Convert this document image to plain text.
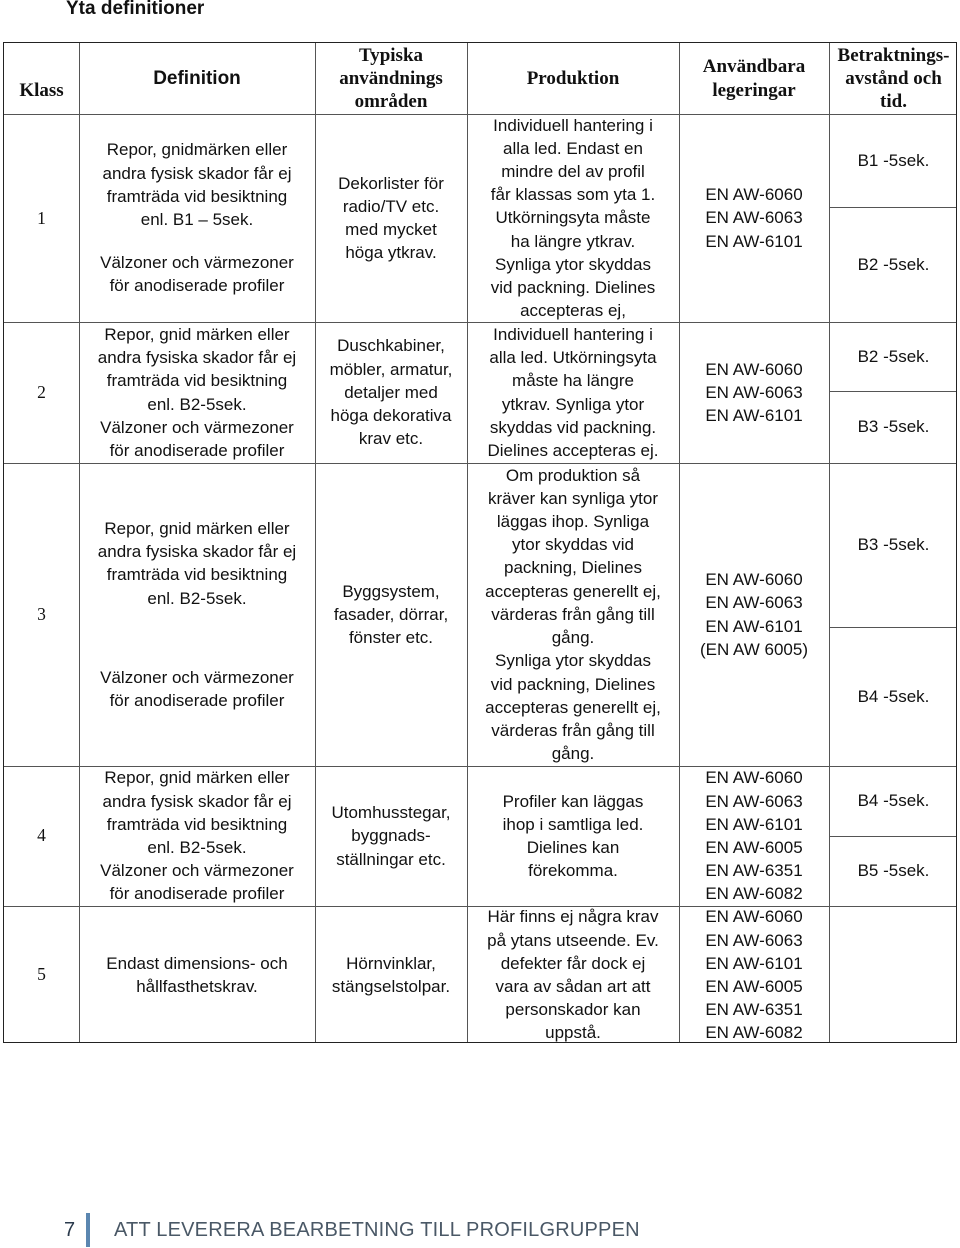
Yta definitioner
Klass
Definition
Typiska
användnings
områden
Produktion
Användbara
legeringar
Betraktnings-
avstånd och
tid.
1
2
3
4
5
Repor, gnidmärken eller
andra fysisk skador får ej
framträda vid besiktning
enl. B1 – 5sek.
Välzoner och värmezoner
för anodiserade profiler
Repor, gnid märken eller
andra fysiska skador får ej
framträda vid besiktning
enl. B2-5sek.
Välzoner och värmezoner
för anodiserade profiler
Repor, gnid märken eller
andra fysiska skador får ej
framträda vid besiktning
enl. B2-5sek.
Välzoner och värmezoner
för anodiserade profiler
Repor, gnid märken eller
andra fysisk skador får ej
framträda vid besiktning
enl. B2-5sek.
Välzoner och värmezoner
för anodiserade profiler
Endast dimensions- och
hållfasthetskrav.
Dekorlister för
radio/TV etc.
med mycket
höga ytkrav.
Duschkabiner,
möbler, armatur,
detaljer med
höga dekorativa
krav etc.
Byggsystem,
fasader, dörrar,
fönster etc.
Utomhusstegar,
byggnads-
ställningar etc.
Hörnvinklar,
stängselstolpar.
Individuell hantering i
alla led. Endast en
mindre del av profil
får klassas som yta 1.
Utkörningsyta måste
ha längre ytkrav.
Synliga ytor skyddas
vid packning. Dielines
accepteras ej,
Individuell hantering i
alla led. Utkörningsyta
måste ha längre
ytkrav. Synliga ytor
skyddas vid packning.
Dielines accepteras ej.
Om produktion så
kräver kan synliga ytor
läggas ihop. Synliga
ytor skyddas vid
packning, Dielines
accepteras generellt ej,
värderas från gång till
gång.
Synliga ytor skyddas
vid packning, Dielines
accepteras generellt ej,
värderas från gång till
gång.
Profiler kan läggas ihop i samtliga led.
Dielines kan förekomma.
Här finns ej några krav
på ytans utseende. Ev.
defekter får dock ej
vara av sådan art att
personskador kan
uppstå.
EN AW-6060
EN AW-6063
EN AW-6101
EN AW-6060
EN AW-6063
EN AW-6101
EN AW-6060
EN AW-6063
EN AW-6101
(EN AW 6005)
EN AW-6060
EN AW-6063
EN AW-6101
EN AW-6005
EN AW-6351
EN AW-6082
EN AW-6060
EN AW-6063
EN AW-6101
EN AW-6005
EN AW-6351
EN AW-6082
B1 -5sek.
B2 -5sek.
B2 -5sek.
B3 -5sek.
B3 -5sek.
B4 -5sek.
B4 -5sek.
B5 -5sek.
7	ATT LEVERERA BEARBETNING TILL PROFILGRUPPEN
